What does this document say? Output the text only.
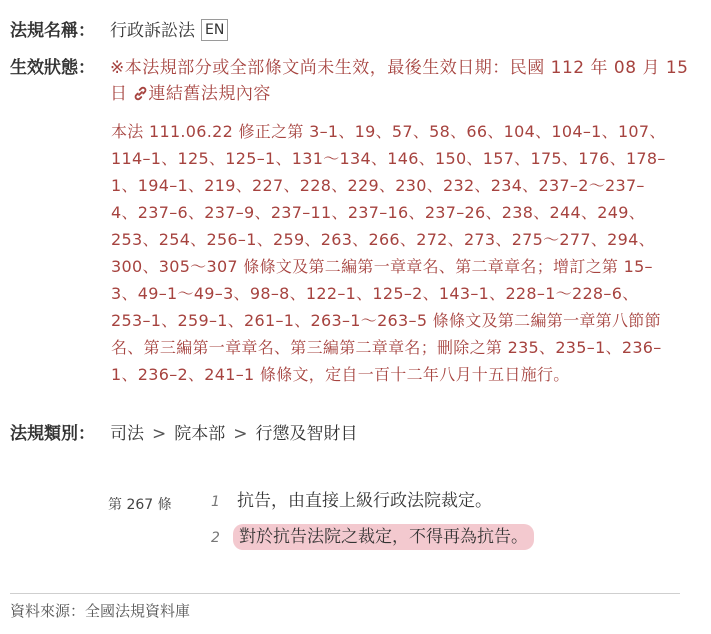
法規名稱： 行政訴訟法 EN
生效狀態： ※本法規部分或全部條文尚未生效，最後生效日期：民國 112 年 08 月 15 日 連結舊法規內容
本法 111.06.22 修正之第 3–1、19、57、58、66、104、104–1、107、114–1、125、125–1、131～134、146、150、157、175、176、178–1、194–1、219、227、228、229、230、232、234、237–2～237–4、237–6、237–9、237–11、237–16、237–26、238、244、249、253、254、256–1、259、263、266、272、273、275～277、294、300、305～307 條條文及第二編第一章章名、第二章章名；增訂之第 15–3、49–1～49–3、98–8、122–1、125–2、143–1、228–1～228–6、253–1、259–1、261–1、263–1～263–5 條條文及第二編第一章第八節節名、第三編第一章章名、第三編第二章章名；刪除之第 235、235–1、236–1、236–2、241–1 條條文，定自一百十二年八月十五日施行。
法規類別： 司法 > 院本部 > 行懲及智財目
第 267 條	1 抗告，由直接上級行政法院裁定。
2 對於抗告法院之裁定，不得再為抗告。
資料來源：全國法規資料庫
